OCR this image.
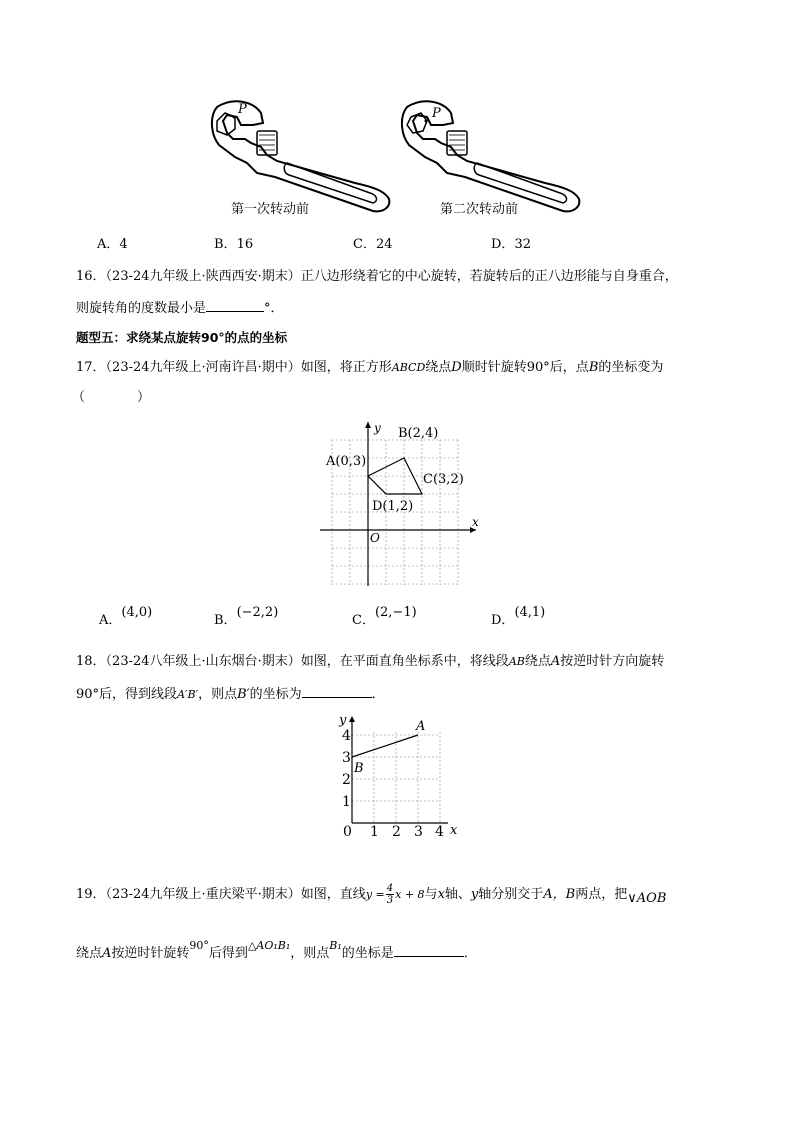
P	P
第一次转动前	第二次转动前
A．4	B．16	C．24	D．32
16．（23-24九年级上·陕西西安·期末）正八边形绕着它的中心旋转，若旋转后的正八边形能与自身重合，
则旋转角的度数最小是	°．
题型五：求绕某点旋转90°的点的坐标
17．（23-24九年级上·河南许昌·期中）如图，将正方形ABCD绕点D顺时针旋转90°后，点B的坐标变为
（　　　　）
y
x
O
A(0,3)
B(2,4)
C(3,2)
D(1,2)
A．(4,0)
B．(−2,2)
C．(2,−1)
D．(4,1)
18．（23-24八年级上·山东烟台·期末）如图，在平面直角坐标系中，将线段AB绕点A按逆时针方向旋转
90°后，得到线段A′B′，则点B′的坐标为	．
y
x
0 1 2 3 4
1
2
3
4
A
B
19．（23-24九年级上·重庆梁平·期末）如图，直线$y = \frac{4}{3}$ x + 8与x轴、y轴分别交于A，B两点，把∨AOB
绕点A按逆时针旋转$^{90^\circ}$后得到$^{\triangle AO_1B_1}$，则点$^{B_1}$的坐标是	．
